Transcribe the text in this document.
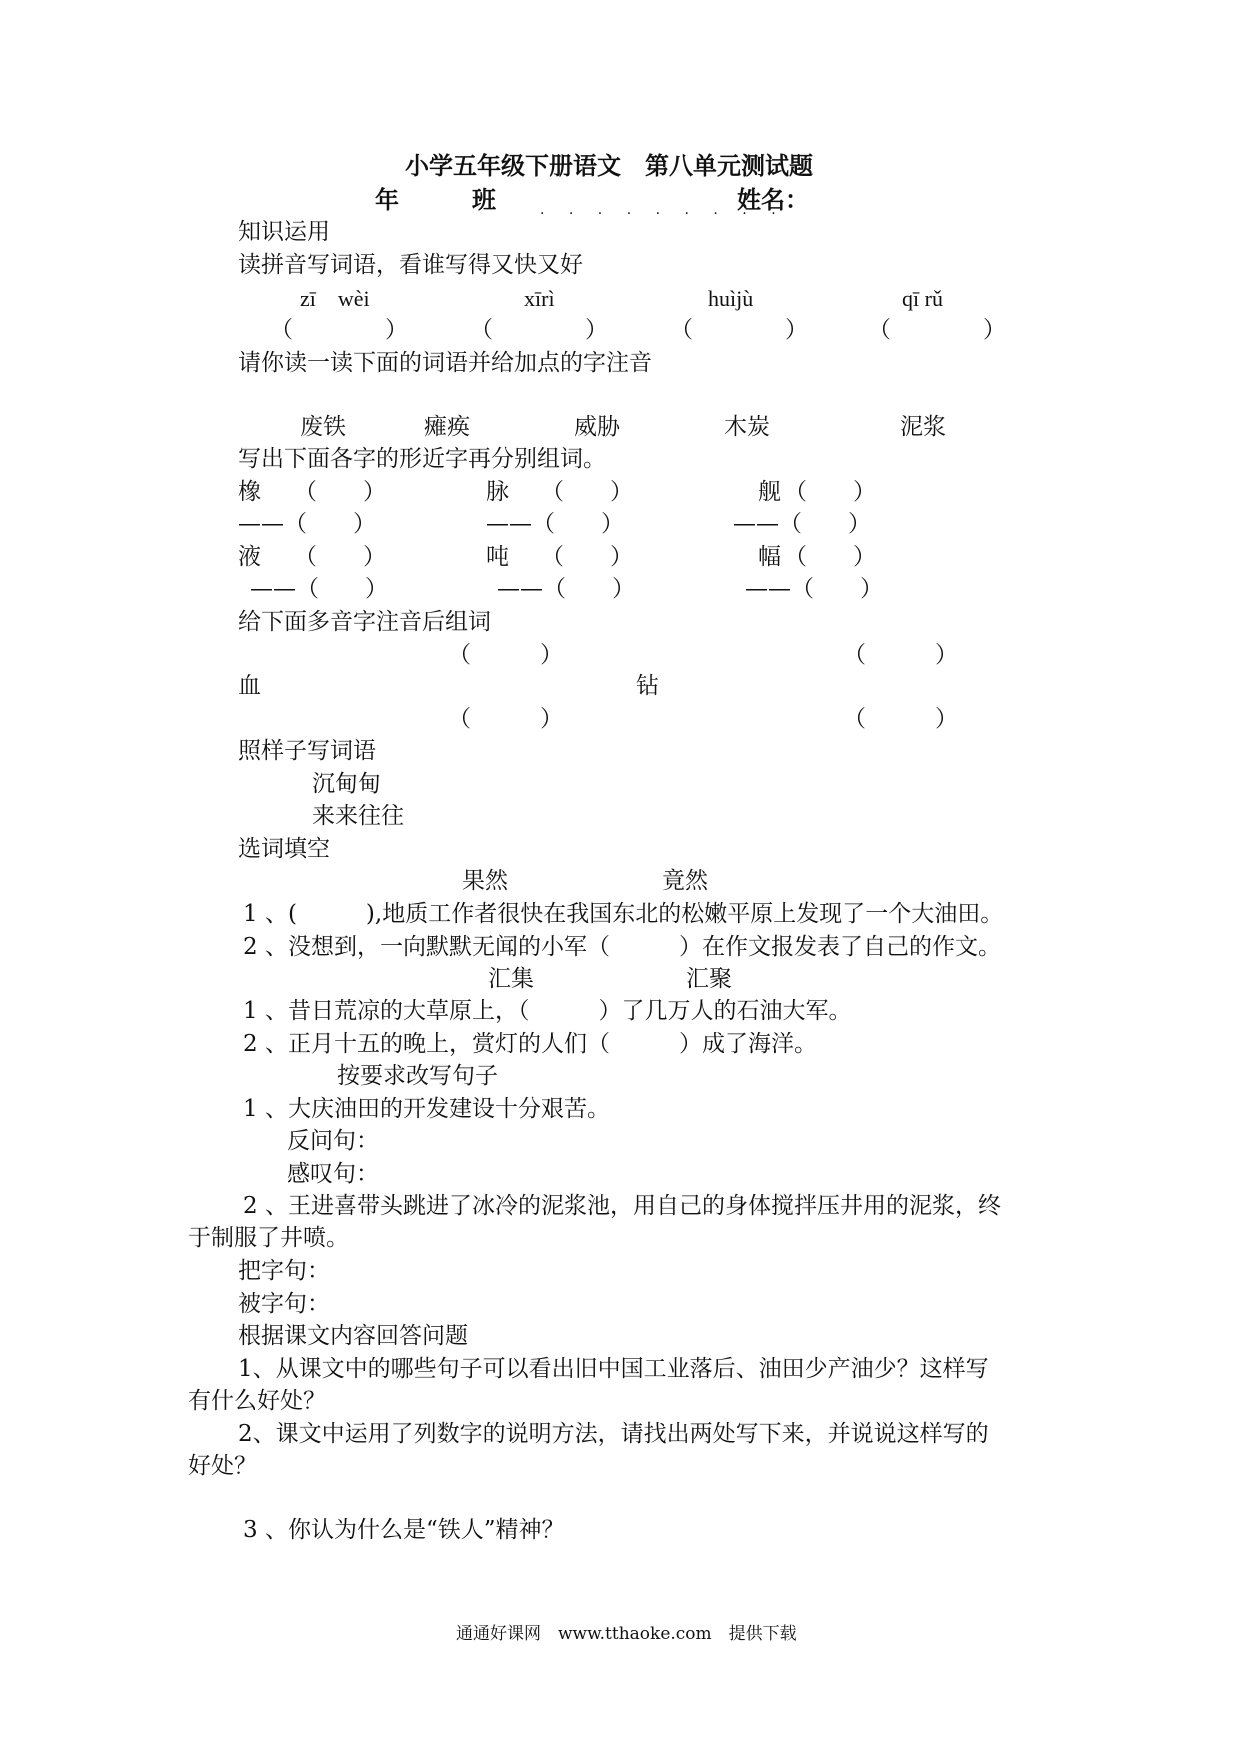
小学五年级下册语文　第八单元测试题
年	班	. . . . . . . . .
姓名：
知识运用
读拼音写词语，看谁写得又快又好
zī　wèi	xīrì	huìjù	qī rǔ
（　　　　）	（　　　　）	（　　　　）	（　　　　）
请你读一读下面的词语并给加点的字注音
废铁	瘫痪	威胁	木炭	泥浆
写出下面各字的形近字再分别组词。
橡 （　　）	脉 （　　）	舰 （　　）
——（　　）	——（　　）	——（　　）
液 （　　）	吨 （　　）	幅 （　　）
——（　　）	——（　　）	——（　　）
给下面多音字注音后组词
（　　　）	（　　　）
血	钻
（　　　）	（　　　）
照样子写词语
沉甸甸
来来往往
选词填空
果然	竟然
1 、(　　　),地质工作者很快在我国东北的松嫩平原上发现了一个大油田。
2 、没想到，一向默默无闻的小军（　　　）在作文报发表了自己的作文。
汇集	汇聚
1 、昔日荒凉的大草原上，（　　　）了几万人的石油大军。
2 、正月十五的晚上，赏灯的人们（　　　）成了海洋。
按要求改写句子
1 、大庆油田的开发建设十分艰苦。
反问句：
感叹句：
2 、王进喜带头跳进了冰冷的泥浆池，用自己的身体搅拌压井用的泥浆，终
于制服了井喷。
把字句：
被字句：
根据课文内容回答问题
1、从课文中的哪些句子可以看出旧中国工业落后、油田少产油少？这样写
有什么好处？
2、课文中运用了列数字的说明方法，请找出两处写下来，并说说这样写的
好处？
3 、你认为什么是“铁人”精神？
通通好课网　www.tthaoke.com　提供下载
